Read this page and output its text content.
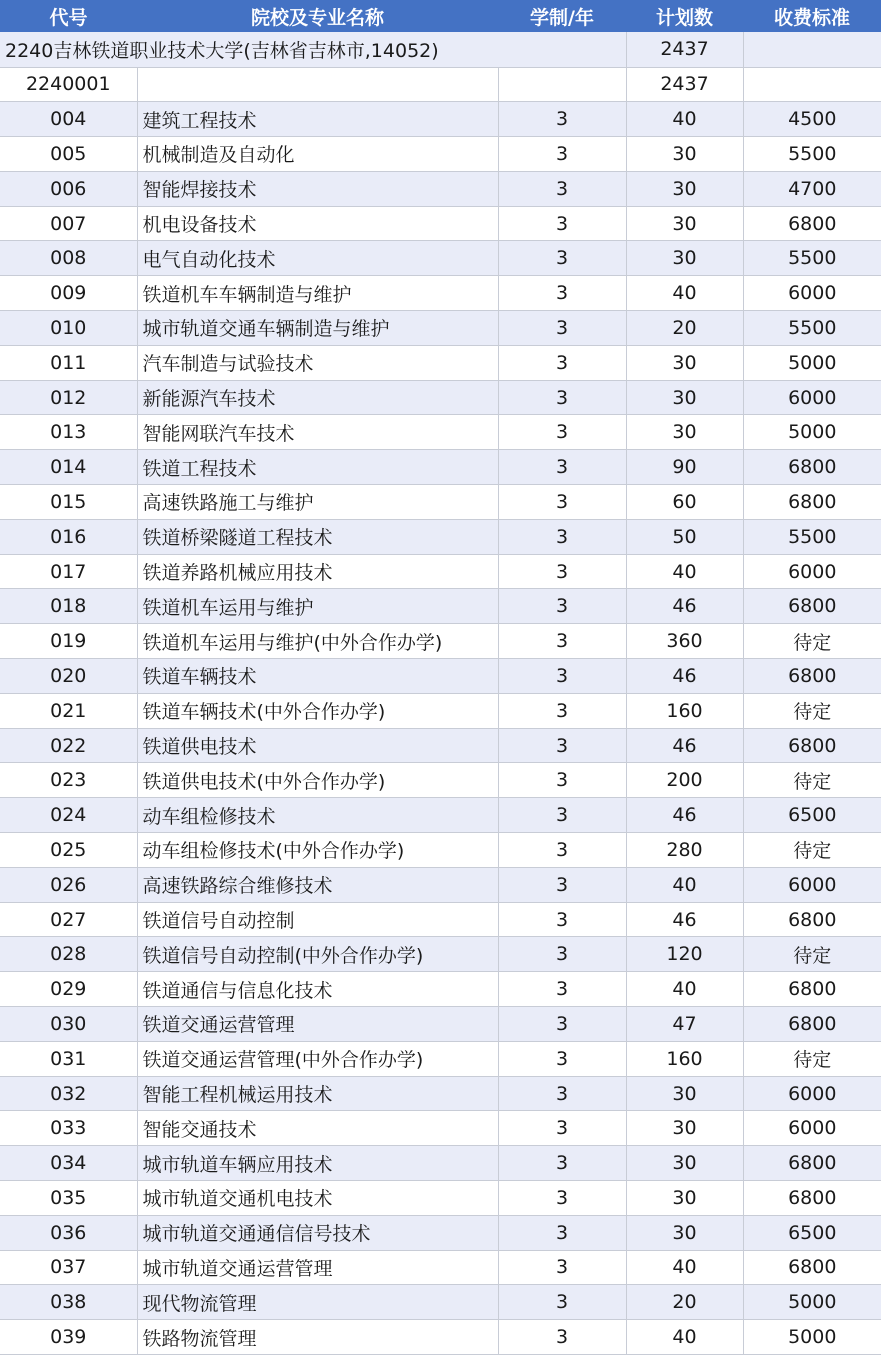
代号	院校及专业名称	学制/年	计划数	收费标准
2240吉林铁道职业技术大学(吉林省吉林市,14052)			2437	
2240001			2437	
004	建筑工程技术	3	40	4500
005	机械制造及自动化	3	30	5500
006	智能焊接技术	3	30	4700
007	机电设备技术	3	30	6800
008	电气自动化技术	3	30	5500
009	铁道机车车辆制造与维护	3	40	6000
010	城市轨道交通车辆制造与维护	3	20	5500
011	汽车制造与试验技术	3	30	5000
012	新能源汽车技术	3	30	6000
013	智能网联汽车技术	3	30	5000
014	铁道工程技术	3	90	6800
015	高速铁路施工与维护	3	60	6800
016	铁道桥梁隧道工程技术	3	50	5500
017	铁道养路机械应用技术	3	40	6000
018	铁道机车运用与维护	3	46	6800
019	铁道机车运用与维护(中外合作办学)	3	360	待定
020	铁道车辆技术	3	46	6800
021	铁道车辆技术(中外合作办学)	3	160	待定
022	铁道供电技术	3	46	6800
023	铁道供电技术(中外合作办学)	3	200	待定
024	动车组检修技术	3	46	6500
025	动车组检修技术(中外合作办学)	3	280	待定
026	高速铁路综合维修技术	3	40	6000
027	铁道信号自动控制	3	46	6800
028	铁道信号自动控制(中外合作办学)	3	120	待定
029	铁道通信与信息化技术	3	40	6800
030	铁道交通运营管理	3	47	6800
031	铁道交通运营管理(中外合作办学)	3	160	待定
032	智能工程机械运用技术	3	30	6000
033	智能交通技术	3	30	6000
034	城市轨道车辆应用技术	3	30	6800
035	城市轨道交通机电技术	3	30	6800
036	城市轨道交通通信信号技术	3	30	6500
037	城市轨道交通运营管理	3	40	6800
038	现代物流管理	3	20	5000
039	铁路物流管理	3	40	5000
